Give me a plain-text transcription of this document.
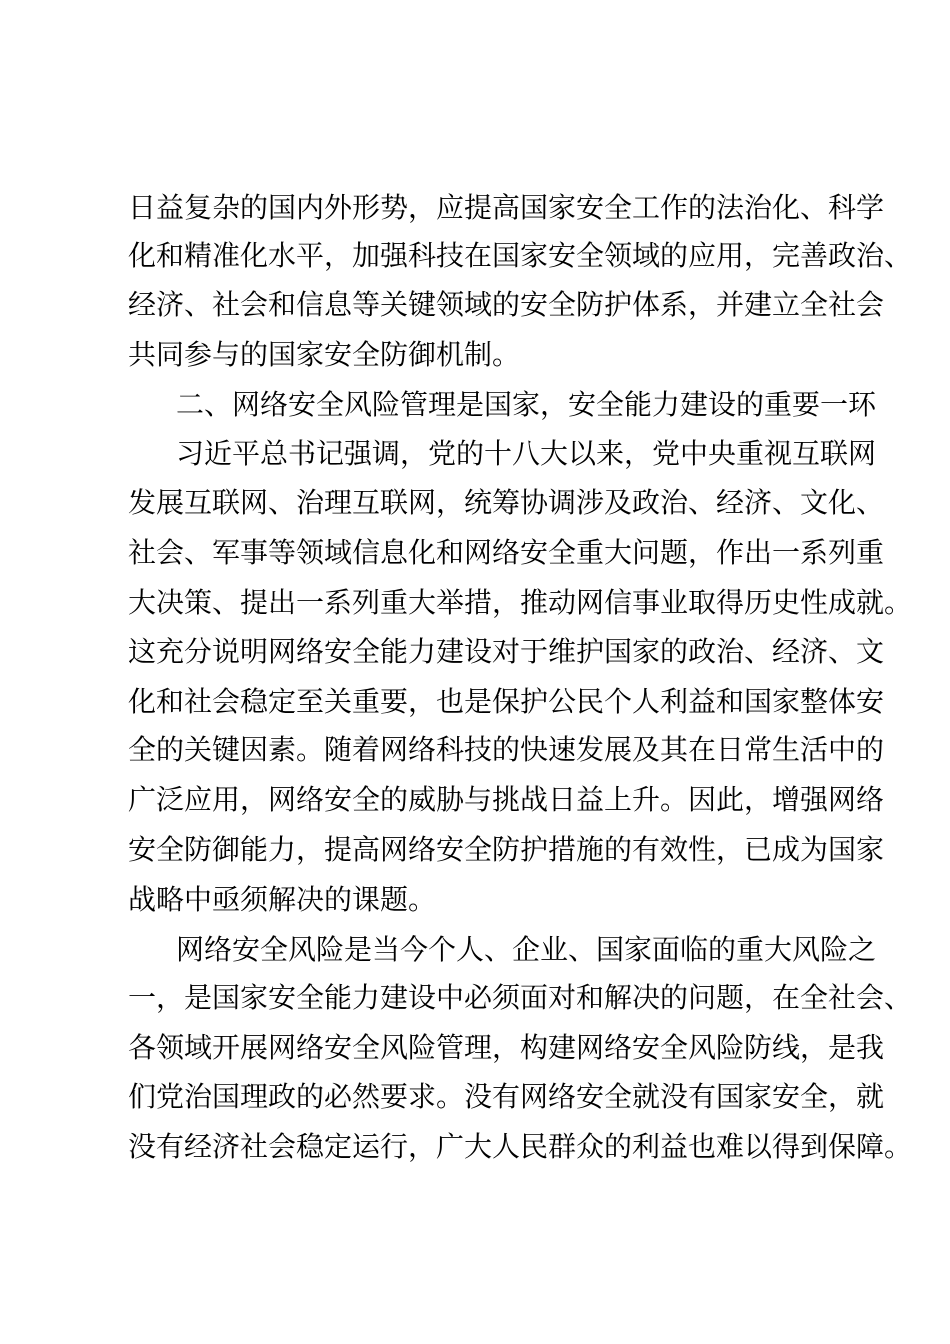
日益复杂的国内外形势，应提高国家安全工作的法治化、科学
化和精准化水平，加强科技在国家安全领域的应用，完善政治、
经济、社会和信息等关键领域的安全防护体系，并建立全社会
共同参与的国家安全防御机制。
二、网络安全风险管理是国家，安全能力建设的重要一环
习近平总书记强调，党的十八大以来，党中央重视互联网
发展互联网、治理互联网，统筹协调涉及政治、经济、文化、
社会、军事等领域信息化和网络安全重大问题，作出一系列重
大决策、提出一系列重大举措，推动网信事业取得历史性成就。
这充分说明网络安全能力建设对于维护国家的政治、经济、文
化和社会稳定至关重要，也是保护公民个人利益和国家整体安
全的关键因素。随着网络科技的快速发展及其在日常生活中的
广泛应用，网络安全的威胁与挑战日益上升。因此，增强网络
安全防御能力，提高网络安全防护措施的有效性，已成为国家
战略中亟须解决的课题。
网络安全风险是当今个人、企业、国家面临的重大风险之
一，是国家安全能力建设中必须面对和解决的问题，在全社会、
各领域开展网络安全风险管理，构建网络安全风险防线，是我
们党治国理政的必然要求。没有网络安全就没有国家安全，就
没有经济社会稳定运行，广大人民群众的利益也难以得到保障。
